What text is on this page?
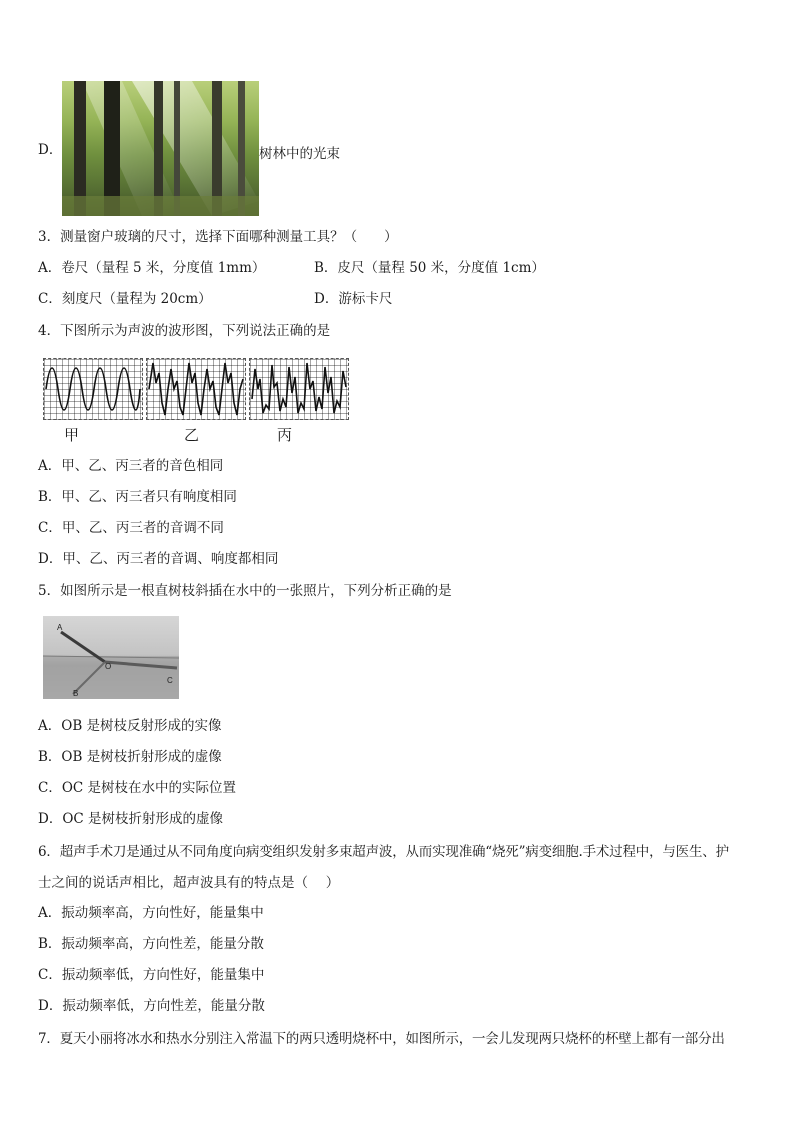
D．	树林中的光束
3．测量窗户玻璃的尺寸，选择下面哪种测量工具？（　　）
A．卷尺（量程 5 米，分度值 1mm）	B．皮尺（量程 50 米，分度值 1cm）
C．刻度尺（量程为 20cm）	D．游标卡尺
4．下图所示为声波的波形图，下列说法正确的是
甲	乙	丙
A．甲、乙、丙三者的音色相同
B．甲、乙、丙三者只有响度相同
C．甲、乙、丙三者的音调不同
D．甲、乙、丙三者的音调、响度都相同
5．如图所示是一根直树枝斜插在水中的一张照片，下列分析正确的是
A
O
B
C
A．OB 是树枝反射形成的实像
B．OB 是树枝折射形成的虚像
C．OC 是树枝在水中的实际位置
D．OC 是树枝折射形成的虚像
6．超声手术刀是通过从不同角度向病变组织发射多束超声波，从而实现准确“烧死”病变细胞.手术过程中，与医生、护
士之间的说话声相比，超声波具有的特点是（　 ）
A．振动频率高，方向性好，能量集中
B．振动频率高，方向性差，能量分散
C．振动频率低，方向性好，能量集中
D．振动频率低，方向性差，能量分散
7．夏天小丽将冰水和热水分别注入常温下的两只透明烧杯中，如图所示，一会儿发现两只烧杯的杯壁上都有一部分出
